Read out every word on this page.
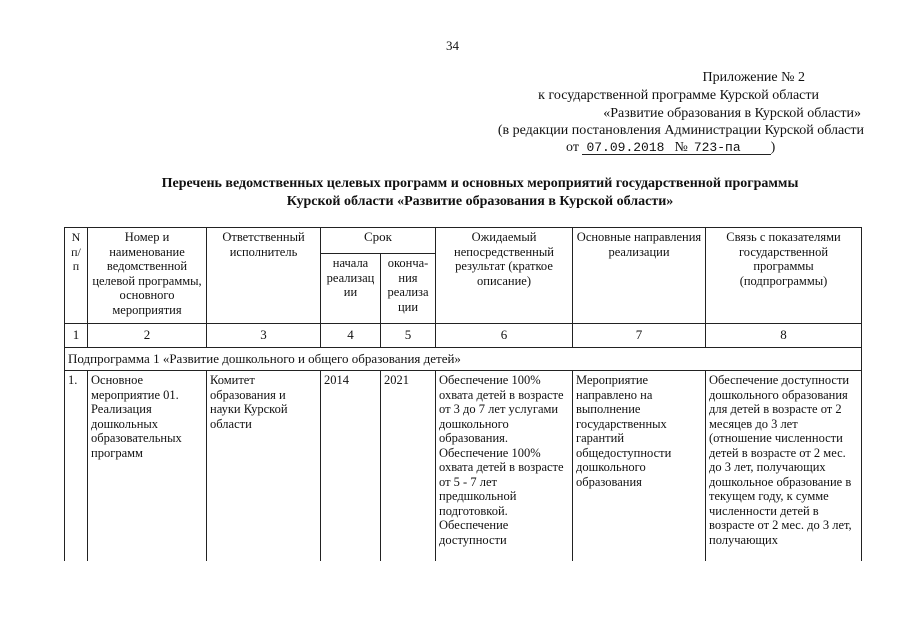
34
Приложение № 2
к государственной программе Курской области
«Развитие образования в Курской области»
(в редакции постановления Администрации Курской области
от 07.09.2018 № 723-па )
Перечень ведомственных целевых программ и основных мероприятий государственной программы
Курской области «Развитие образования в Курской области»
N п/п	Номер и наименование ведомственной целевой программы, основного мероприятия	Ответственный исполнитель	Срок		Ожидаемый непосредственный результат (краткое описание)	Основные направления реализации	Связь с показателями государственной программы (подпрограммы)
			начала реализац ии	оконча- ния реализа ции			
1	2	3	4	5	6	7	8
Подпрограмма 1 «Развитие дошкольного и общего образования детей»							

1.	Основное мероприятие 01. Реализация дошкольных образовательных программ	Комитет образования и науки Курской области	2014	2021	Обеспечение 100% охвата детей в возрасте от 3 до 7 лет услугами дошкольного образования. Обеспечение 100% охвата детей в возрасте от 5 - 7 лет предшкольной подготовкой. Обеспечение доступности	Мероприятие направлено на выполнение государственных гарантий общедоступности дошкольного образования	Обеспечение доступности дошкольного образования для детей в возрасте от 2 месяцев до 3 лет (отношение численности детей в возрасте от 2 мес. до 3 лет, получающих дошкольное образование в текущем году, к сумме численности детей в возрасте от 2 мес. до 3 лет, получающих
